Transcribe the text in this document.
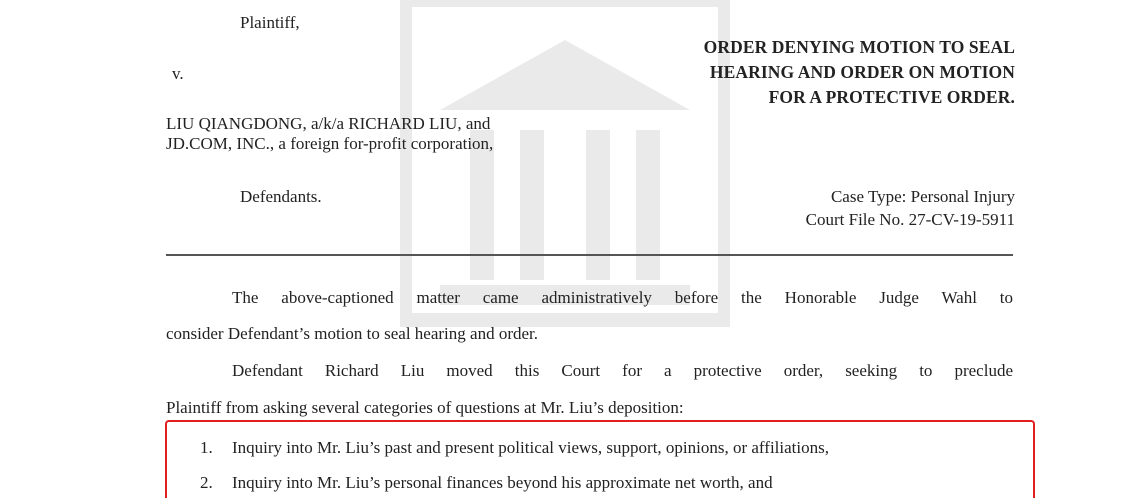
Plaintiff,
v.
LIU QIANGDONG, a/k/a RICHARD LIU, and
JD.COM, INC., a foreign for-profit corporation,
Defendants.
ORDER DENYING MOTION TO SEAL
HEARING AND ORDER ON MOTION
FOR A PROTECTIVE ORDER.
Case Type: Personal Injury
Court File No. 27-CV-19-5911
The above-captioned matter came administratively before the Honorable Judge Wahl to
consider Defendant’s motion to seal hearing and order.
Defendant Richard Liu moved this Court for a protective order, seeking to preclude
Plaintiff from asking several categories of questions at Mr. Liu’s deposition:
1. Inquiry into Mr. Liu’s past and present political views, support, opinions, or affiliations,
2. Inquiry into Mr. Liu’s personal finances beyond his approximate net worth, and
